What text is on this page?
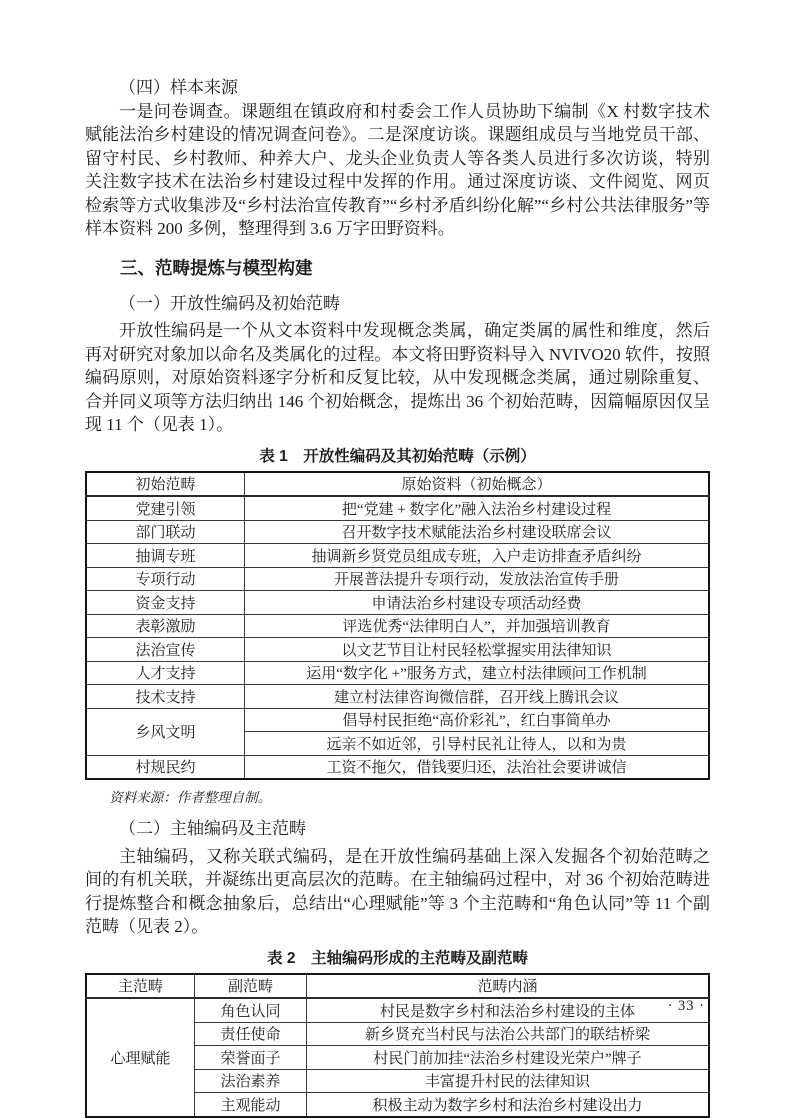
（四）样本来源

一是问卷调查。课题组在镇政府和村委会工作人员协助下编制《X 村数字技术赋能法治乡村建设的情况调查问卷》。二是深度访谈。课题组成员与当地党员干部、留守村民、乡村教师、种养大户、龙头企业负责人等各类人员进行多次访谈，特别关注数字技术在法治乡村建设过程中发挥的作用。通过深度访谈、文件阅览、网页检索等方式收集涉及“乡村法治宣传教育”“乡村矛盾纠纷化解”“乡村公共法律服务”等样本资料 200 多例，整理得到 3.6 万字田野资料。

三、范畴提炼与模型构建

（一）开放性编码及初始范畴

开放性编码是一个从文本资料中发现概念类属，确定类属的属性和维度，然后再对研究对象加以命名及类属化的过程。本文将田野资料导入 NVIVO20 软件，按照编码原则，对原始资料逐字分析和反复比较，从中发现概念类属，通过剔除重复、合并同义项等方法归纳出 146 个初始概念，提炼出 36 个初始范畴，因篇幅原因仅呈现 11 个（见表 1）。

表 1　开放性编码及其初始范畴（示例）

初始范畴	原始资料（初始概念）
党建引领	把“党建 + 数字化”融入法治乡村建设过程
部门联动	召开数字技术赋能法治乡村建设联席会议
抽调专班	抽调新乡贤党员组成专班，入户走访排查矛盾纠纷
专项行动	开展普法提升专项行动，发放法治宣传手册
资金支持	申请法治乡村建设专项活动经费
表彰激励	评选优秀“法律明白人”，并加强培训教育
法治宣传	以文艺节目让村民轻松掌握实用法律知识
人才支持	运用“数字化 +”服务方式，建立村法律顾问工作机制
技术支持	建立村法律咨询微信群，召开线上腾讯会议
乡风文明	倡导村民拒绝“高价彩礼”，红白事简单办
	远亲不如近邻，引导村民礼让待人，以和为贵
村规民约	工资不拖欠，借钱要归还，法治社会要讲诚信

资料来源：作者整理自制。

（二）主轴编码及主范畴

主轴编码，又称关联式编码，是在开放性编码基础上深入发掘各个初始范畴之间的有机关联，并凝练出更高层次的范畴。在主轴编码过程中，对 36 个初始范畴进行提炼整合和概念抽象后，总结出“心理赋能”等 3 个主范畴和“角色认同”等 11 个副范畴（见表 2）。

表 2　主轴编码形成的主范畴及副范畴

主范畴	副范畴	范畴内涵
心理赋能	角色认同	村民是数字乡村和法治乡村建设的主体
	责任使命	新乡贤充当村民与法治公共部门的联结桥梁
	荣誉面子	村民门前加挂“法治乡村建设光荣户”牌子
	法治素养	丰富提升村民的法律知识
	主观能动	积极主动为数字乡村和法治乡村建设出力
· 33 ·
